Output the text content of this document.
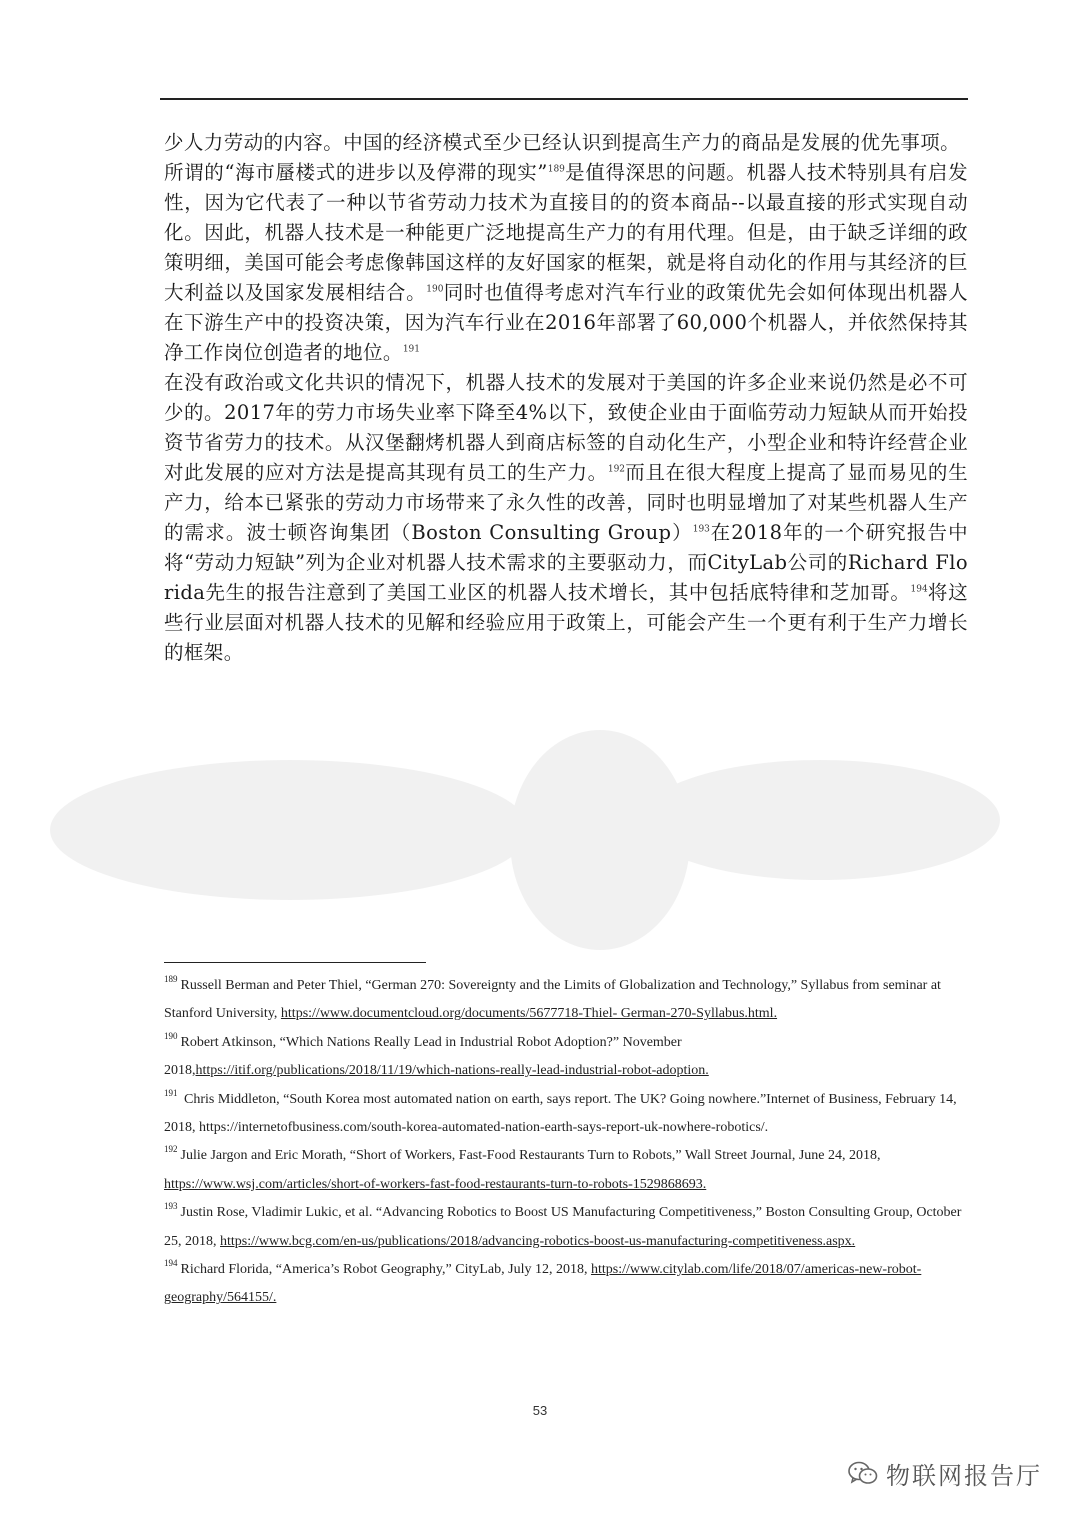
少人力劳动的内容。中国的经济模式至少已经认识到提高生产力的商品是发展的优先事项。

所谓的“海市蜃楼式的进步以及停滞的现实”$^{189}$是值得深思的问题。机器人技术特别具有启发性，因为它代表了一种以节省劳动力技术为直接目的的资本商品--以最直接的形式实现自动化。因此，机器人技术是一种能更广泛地提高生产力的有用代理。但是，由于缺乏详细的政策明细，美国可能会考虑像韩国这样的友好国家的框架，就是将自动化的作用与其经济的巨大利益以及国家发展相结合。$^{190}$同时也值得考虑对汽车行业的政策优先会如何体现出机器人在下游生产中的投资决策，因为汽车行业在2016年部署了60,000个机器人，并依然保持其净工作岗位创造者的地位。$^{191}$

在没有政治或文化共识的情况下，机器人技术的发展对于美国的许多企业来说仍然是必不可少的。2017年的劳力市场失业率下降至4%以下，致使企业由于面临劳动力短缺从而开始投资节省劳力的技术。从汉堡翻烤机器人到商店标签的自动化生产，小型企业和特许经营企业对此发展的应对方法是提高其现有员工的生产力。$^{192}$而且在很大程度上提高了显而易见的生产力，给本已紧张的劳动力市场带来了永久性的改善，同时也明显增加了对某些机器人生产的需求。波士顿咨询集团（Boston Consulting Group）$^{193}$在2018年的一个研究报告中将“劳动力短缺”列为企业对机器人技术需求的主要驱动力，而CityLab公司的Richard Florida先生的报告注意到了美国工业区的机器人技术增长，其中包括底特律和芝加哥。$^{194}$将这些行业层面对机器人技术的见解和经验应用于政策上，可能会产生一个更有利于生产力增长的框架。

$^{189}$ Russell Berman and Peter Thiel, “German 270: Sovereignty and the Limits of Globalization and Technology,” Syllabus from seminar at Stanford University, https://www.documentcloud.org/documents/5677718-Thiel- German-270-Syllabus.html.

$^{190}$ Robert Atkinson, “Which Nations Really Lead in Industrial Robot Adoption?” November 2018,https://itif.org/publications/2018/11/19/which-nations-really-lead-industrial-robot-adoption.

$^{191}$ Chris Middleton, “South Korea most automated nation on earth, says report. The UK? Going nowhere.”Internet of Business, February 14, 2018, https://internetofbusiness.com/south-korea-automated-nation-earth-says-report-uk-nowhere-robotics/.

$^{192}$ Julie Jargon and Eric Morath, “Short of Workers, Fast-Food Restaurants Turn to Robots,” Wall Street Journal, June 24, 2018, https://www.wsj.com/articles/short-of-workers-fast-food-restaurants-turn-to-robots-1529868693.

$^{193}$ Justin Rose, Vladimir Lukic, et al. “Advancing Robotics to Boost US Manufacturing Competitiveness,” Boston Consulting Group, October 25, 2018, https://www.bcg.com/en-us/publications/2018/advancing-robotics-boost-us-manufacturing-competitiveness.aspx.

$^{194}$ Richard Florida, “America’s Robot Geography,” CityLab, July 12, 2018, https://www.citylab.com/life/2018/07/americas-new-robot-geography/564155/.

53
物联网报告厅
